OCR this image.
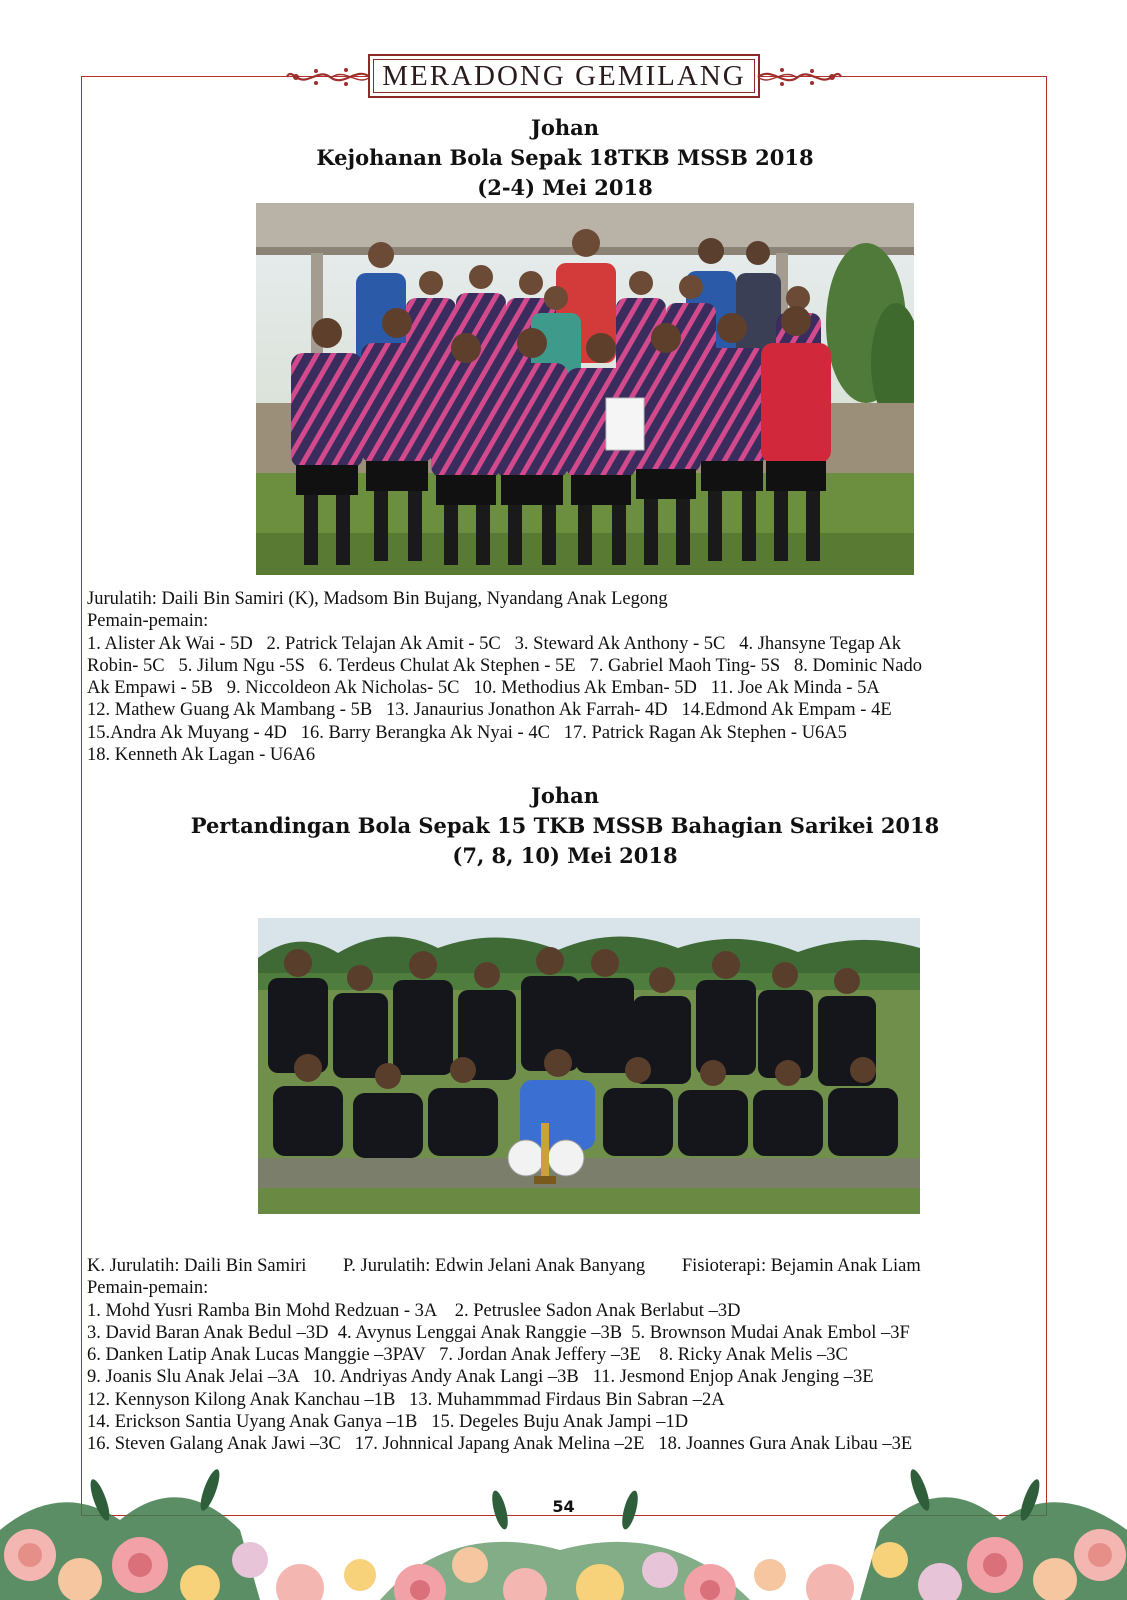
MERADONG GEMILANG
Johan
Kejohanan Bola Sepak 18TKB MSSB 2018
(2-4) Mei 2018

Jurulatih: Daili Bin Samiri (K), Madsom Bin Bujang, Nyandang Anak Legong

Pemain-pemain:

1. Alister Ak Wai - 5D   2. Patrick Telajan Ak Amit - 5C   3. Steward Ak Anthony - 5C   4. Jhansyne Tegap Ak

Robin- 5C   5. Jilum Ngu -5S   6. Terdeus Chulat Ak Stephen - 5E   7. Gabriel Maoh Ting- 5S   8. Dominic Nado

Ak Empawi - 5B   9. Niccoldeon Ak Nicholas- 5C   10. Methodius Ak Emban- 5D   11. Joe Ak Minda - 5A

12. Mathew Guang Ak Mambang - 5B   13. Janaurius Jonathon Ak Farrah- 4D   14.Edmond Ak Empam - 4E

15.Andra Ak Muyang - 4D   16. Barry Berangka Ak Nyai - 4C   17. Patrick Ragan Ak Stephen - U6A5

18. Kenneth Ak Lagan - U6A6

Johan
Pertandingan Bola Sepak 15 TKB MSSB Bahagian Sarikei 2018
(7, 8, 10) Mei 2018

K. Jurulatih: Daili Bin Samiri P. Jurulatih: Edwin Jelani Anak Banyang Fisioterapi: Bejamin Anak Liam

Pemain-pemain:

1. Mohd Yusri Ramba Bin Mohd Redzuan - 3A    2. Petruslee Sadon Anak Berlabut –3D

3. David Baran Anak Bedul –3D  4. Avynus Lenggai Anak Ranggie –3B  5. Brownson Mudai Anak Embol –3F

6. Danken Latip Anak Lucas Manggie –3PAV   7. Jordan Anak Jeffery –3E    8. Ricky Anak Melis –3C

9. Joanis Slu Anak Jelai –3A   10. Andriyas Andy Anak Langi –3B   11. Jesmond Enjop Anak Jenging –3E

12. Kennyson Kilong Anak Kanchau –1B   13. Muhammmad Firdaus Bin Sabran –2A

14. Erickson Santia Uyang Anak Ganya –1B   15. Degeles Buju Anak Jampi –1D

16. Steven Galang Anak Jawi –3C   17. Johnnical Japang Anak Melina –2E   18. Joannes Gura Anak Libau –3E

54
